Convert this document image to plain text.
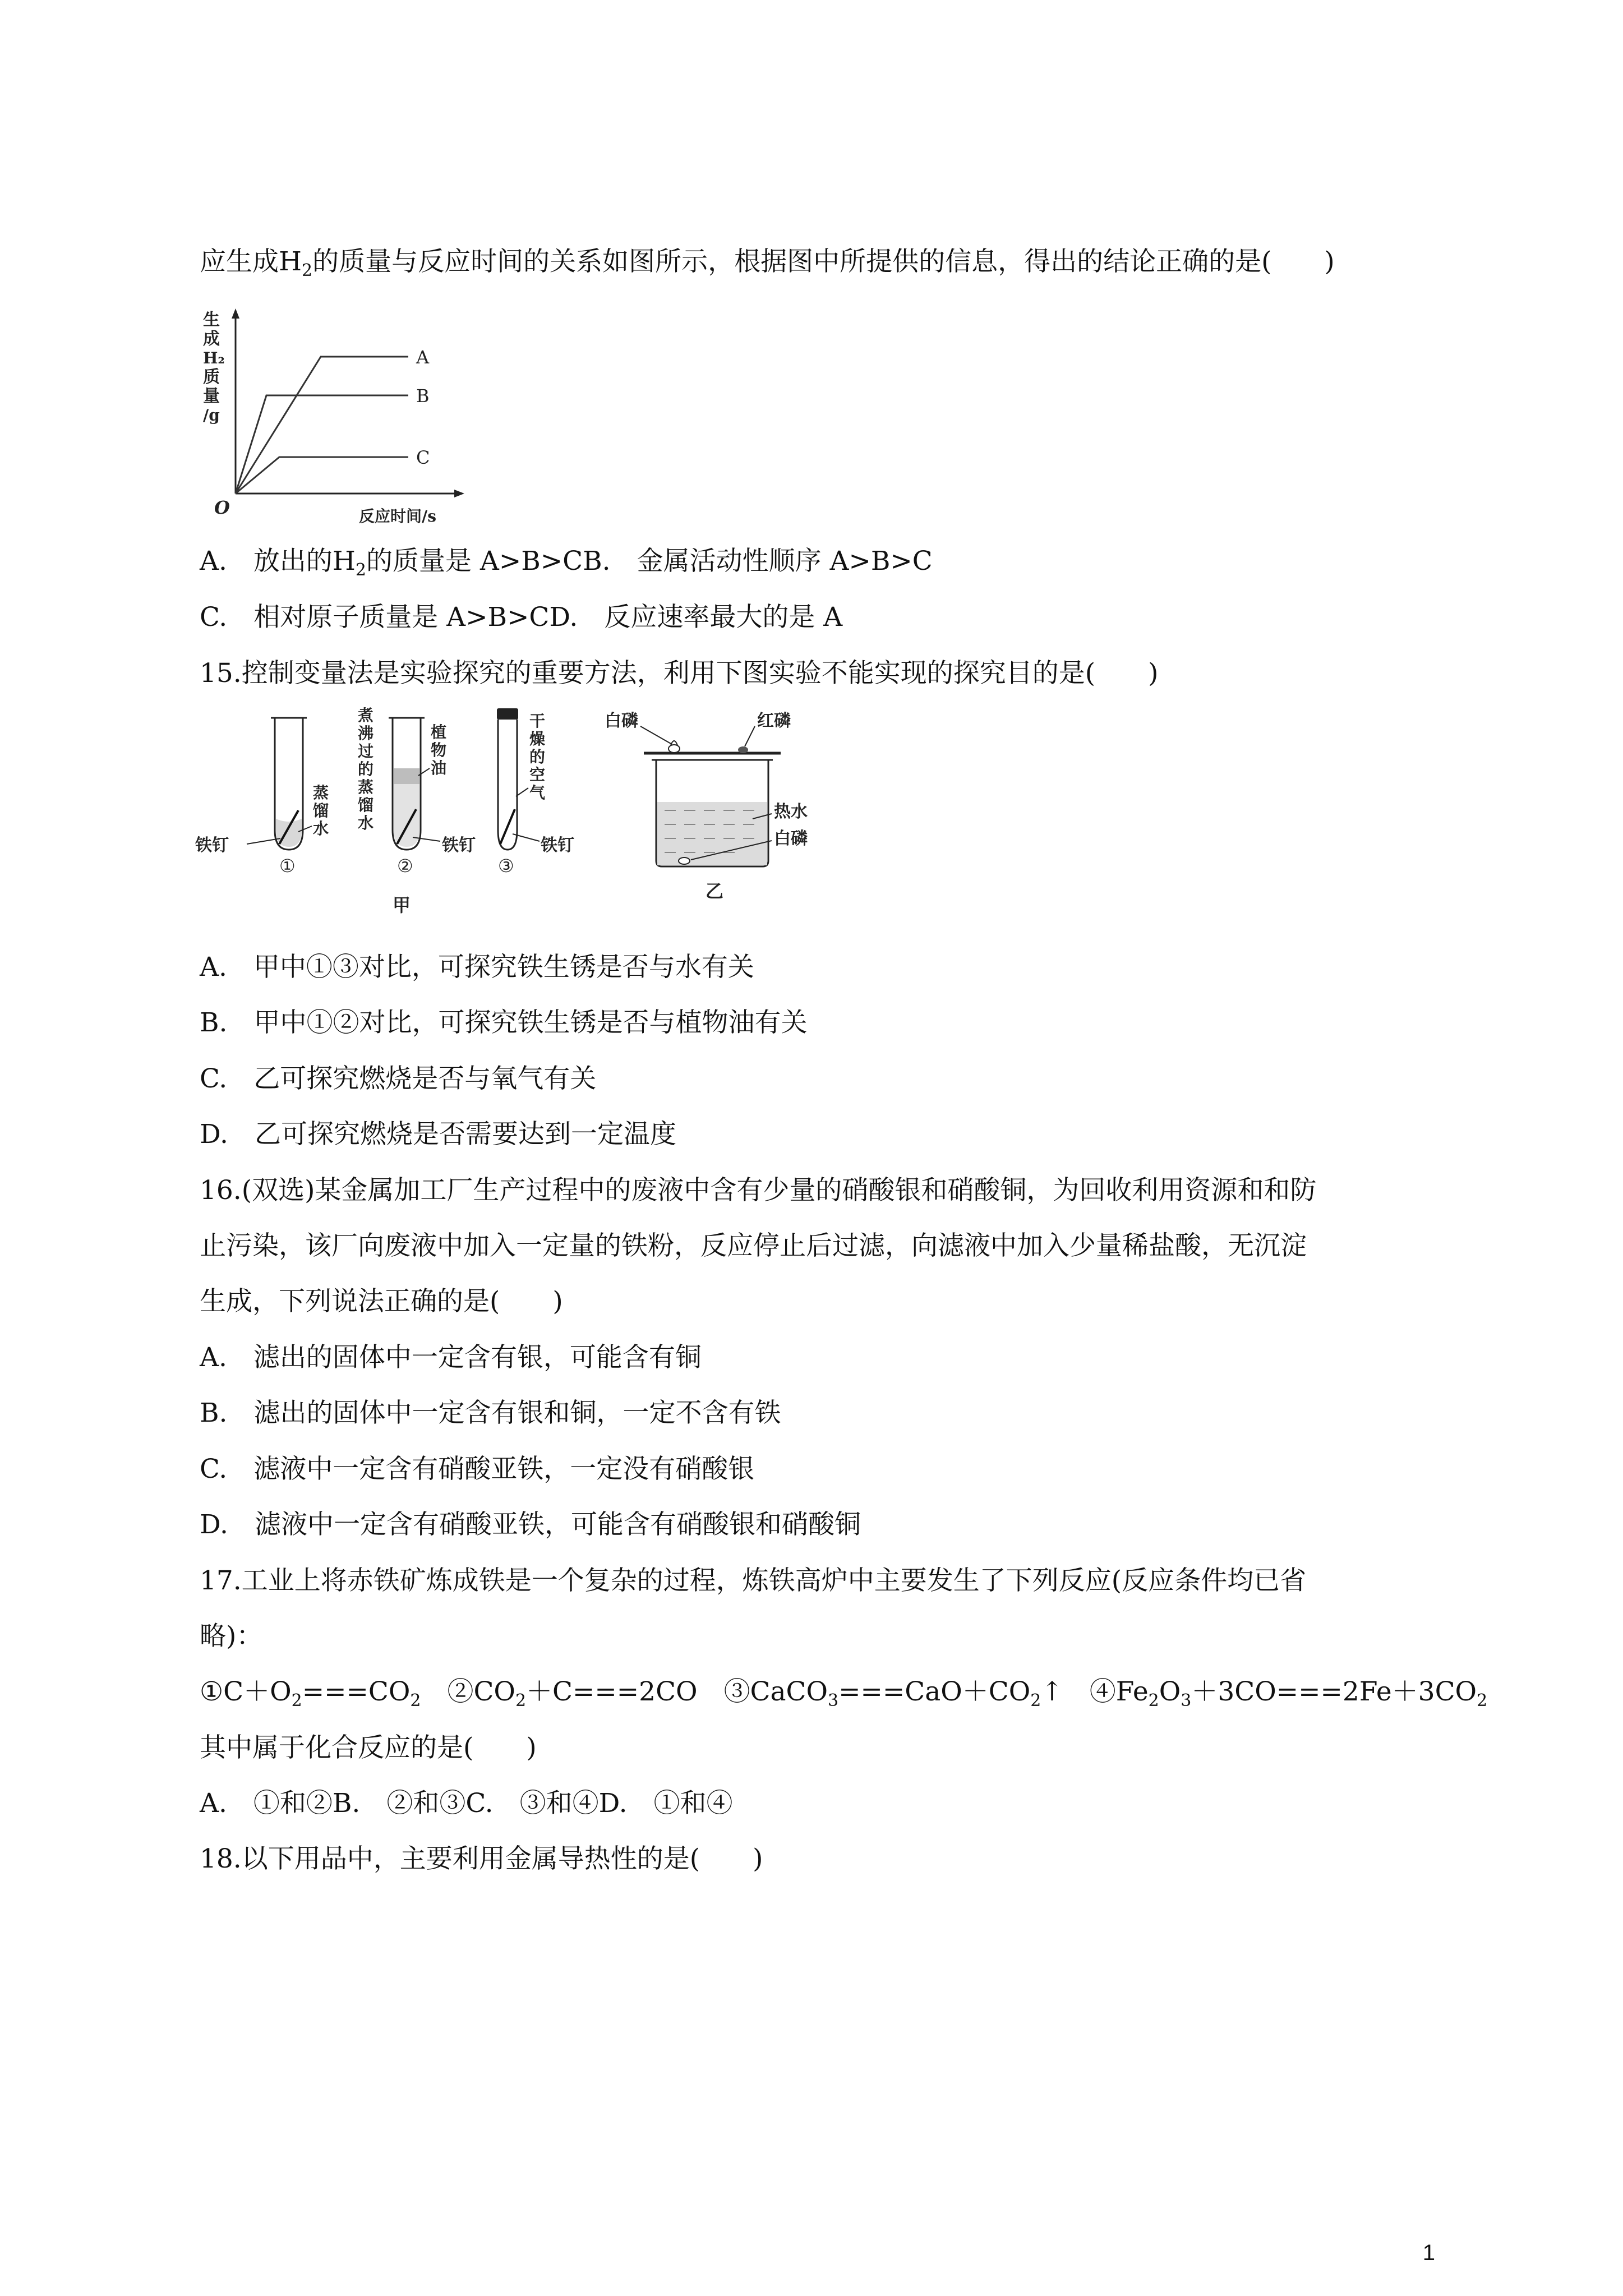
应生成$H_2$的质量与反应时间的关系如图所示，根据图中所提供的信息，得出的结论正确的是(　　)
A
B
C
生
成
H₂
质
量
/g
O	反应时间/s
A.　放出的$H_2$的质量是 A>B>CB.　金属活动性顺序 A>B>C
C.　相对原子质量是 A>B>CD.　反应速率最大的是 A
15.控制变量法是实验探究的重要方法，利用下图实验不能实现的探究目的是(　　)
铁钉
蒸
馏
水
①
煮
沸
过
的
蒸
馏
水
植
物
油
铁钉
②
甲
干
燥
的
空
气
铁钉
③
白磷	红磷
热水
白磷
乙
A.　甲中①③对比，可探究铁生锈是否与水有关
B.　甲中①②对比，可探究铁生锈是否与植物油有关
C.　乙可探究燃烧是否与氧气有关
D.　乙可探究燃烧是否需要达到一定温度
16.(双选)某金属加工厂生产过程中的废液中含有少量的硝酸银和硝酸铜，为回收利用资源和和防
止污染，该厂向废液中加入一定量的铁粉，反应停止后过滤，向滤液中加入少量稀盐酸，无沉淀
生成，下列说法正确的是(　　)
A.　滤出的固体中一定含有银，可能含有铜
B.　滤出的固体中一定含有银和铜，一定不含有铁
C.　滤液中一定含有硝酸亚铁，一定没有硝酸银
D.　滤液中一定含有硝酸亚铁，可能含有硝酸银和硝酸铜
17.工业上将赤铁矿炼成铁是一个复杂的过程，炼铁高炉中主要发生了下列反应(反应条件均已省
略)：
$①C+O_2===CO_2$　 $②CO_2+C===2CO$　 $③CaCO_3===CaO+CO_2↑$　 $④Fe_2O_3+3CO===2Fe+3CO_2$
其中属于化合反应的是(　　)
A.　①和②B.　②和③C.　③和④D.　①和④
18.以下用品中，主要利用金属导热性的是(　　)
1
